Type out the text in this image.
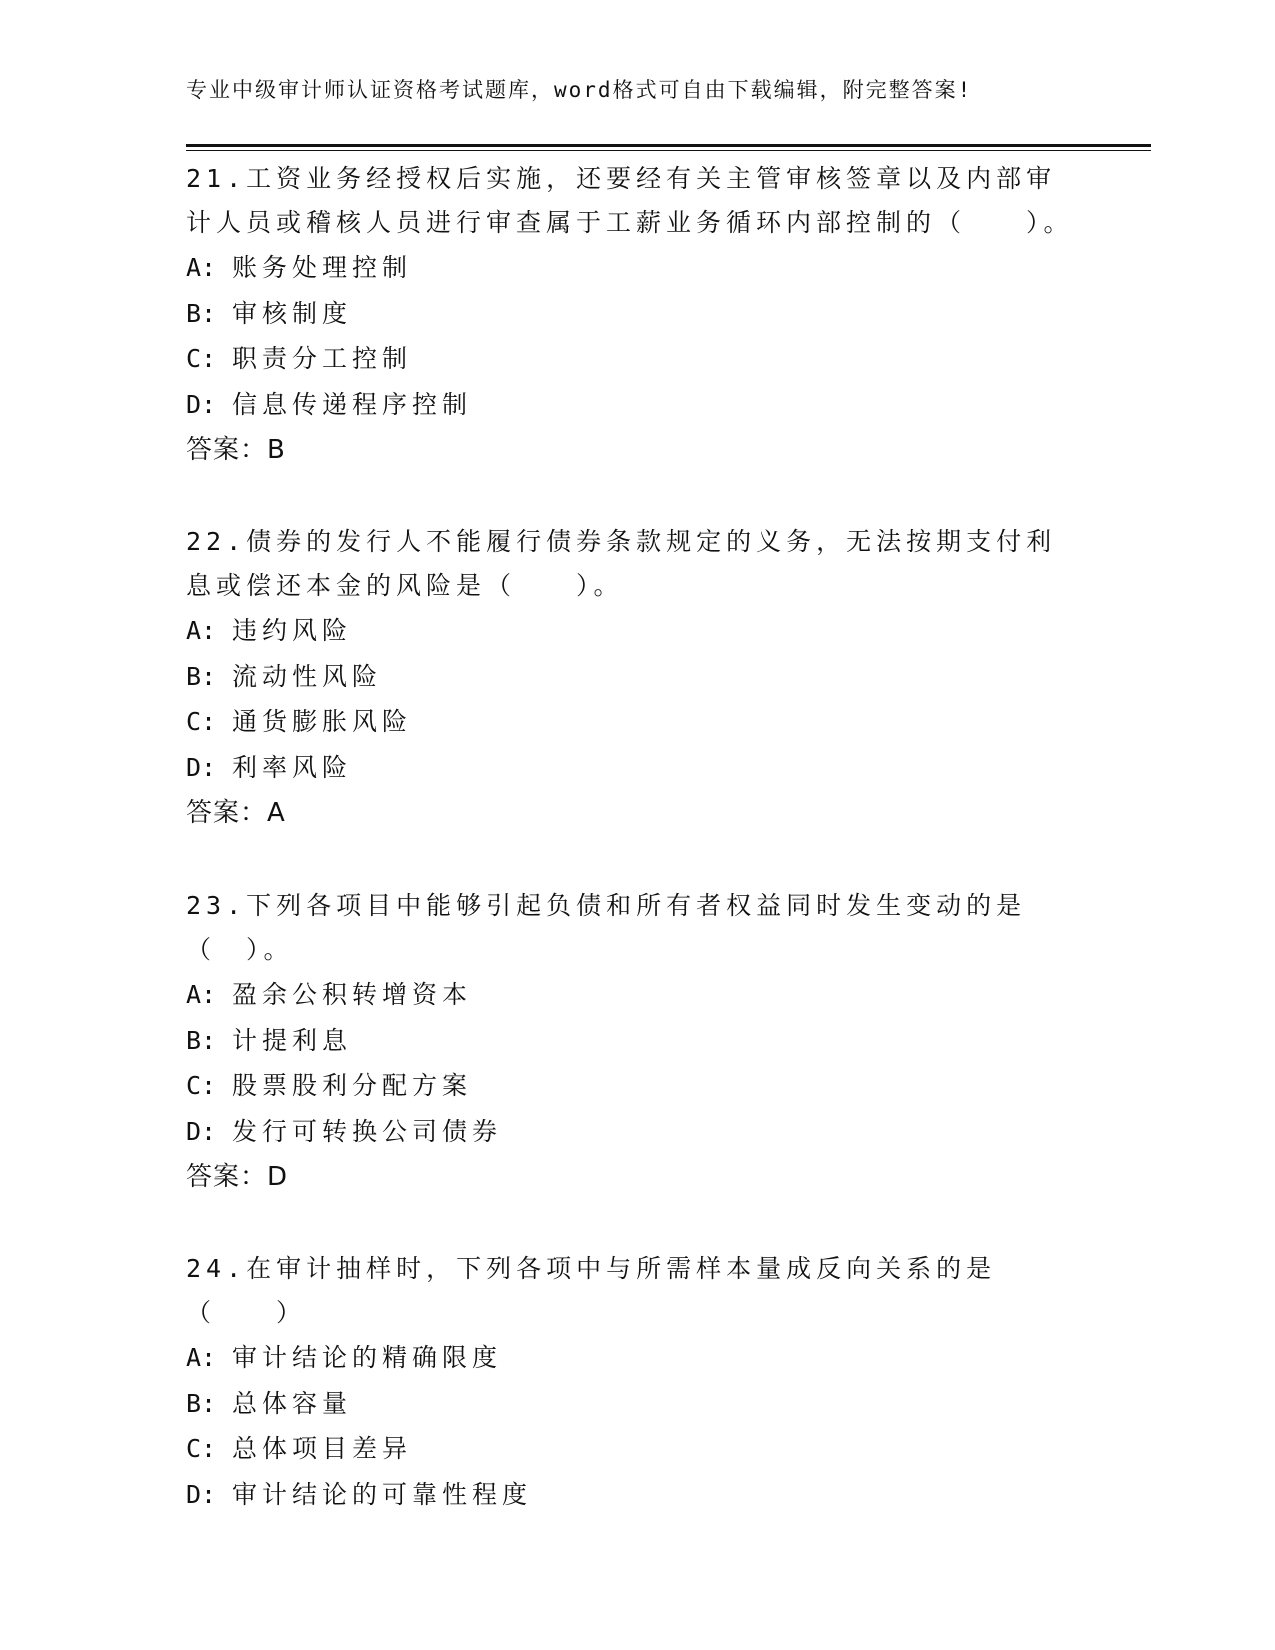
专业中级审计师认证资格考试题库，word格式可自由下载编辑，附完整答案!

21.工资业务经授权后实施，还要经有关主管审核签章以及内部审计人员或稽核人员进行审查属于工薪业务循环内部控制的（　　）。

A: 账务处理控制
B: 审核制度
C: 职责分工控制
D: 信息传递程序控制
答案：B

22.债券的发行人不能履行债券条款规定的义务，无法按期支付利息或偿还本金的风险是（　　）。

A: 违约风险
B: 流动性风险
C: 通货膨胀风险
D: 利率风险
答案：A

23.下列各项目中能够引起负债和所有者权益同时发生变动的是（　）。

A: 盈余公积转增资本
B: 计提利息
C: 股票股利分配方案
D: 发行可转换公司债券
答案：D

24.在审计抽样时，下列各项中与所需样本量成反向关系的是（　　）

A: 审计结论的精确限度
B: 总体容量
C: 总体项目差异
D: 审计结论的可靠性程度
